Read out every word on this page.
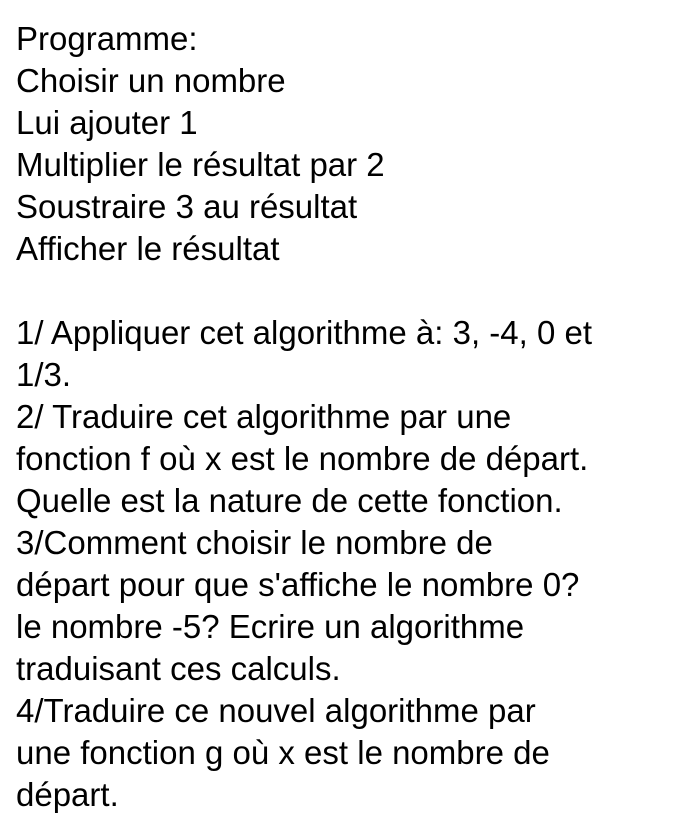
Programme:
Choisir un nombre
Lui ajouter 1
Multiplier le résultat par 2
Soustraire 3 au résultat
Afficher le résultat
1/ Appliquer cet algorithme à: 3, -4, 0 et
1/3.
2/ Traduire cet algorithme par une
fonction f où x est le nombre de départ.
Quelle est la nature de cette fonction.
3/Comment choisir le nombre de
départ pour que s'affiche le nombre 0?
le nombre -5? Ecrire un algorithme
traduisant ces calculs.
4/Traduire ce nouvel algorithme par
une fonction g où x est le nombre de
départ.
